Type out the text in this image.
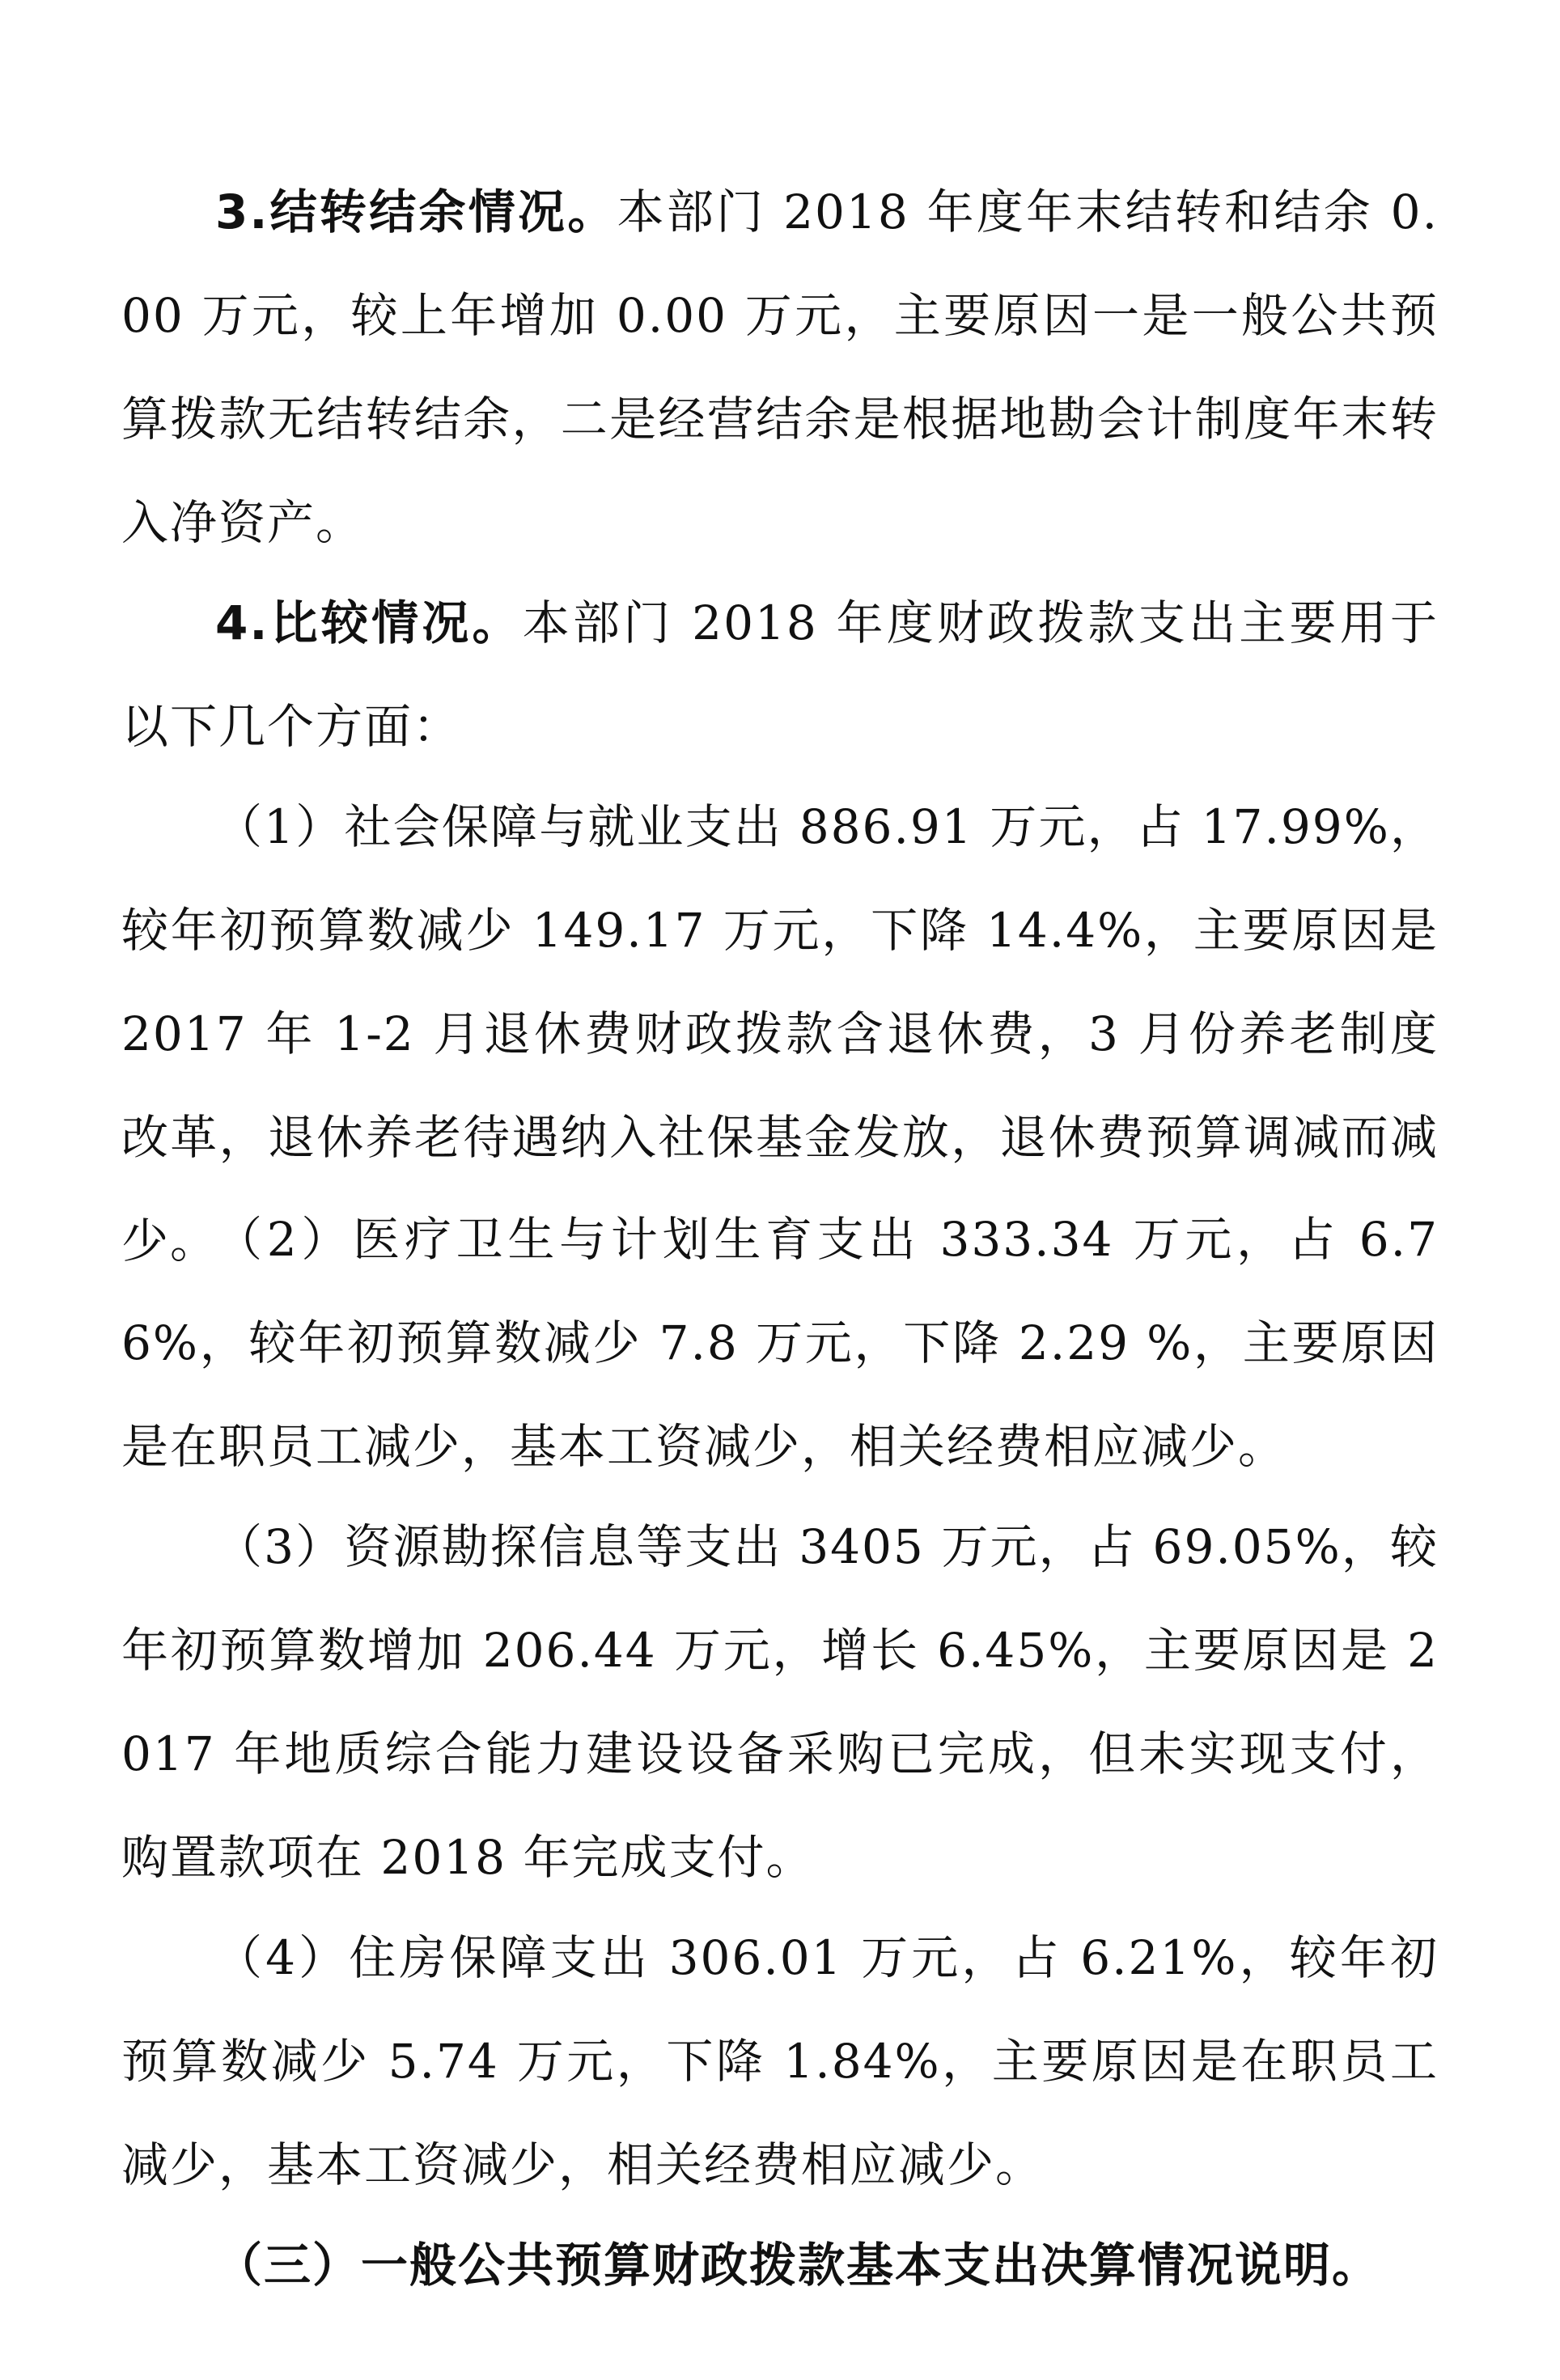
3.结转结余情况。本部门 2018 年度年末结转和结余 0.00 万元，较上年增加 0.00 万元，主要原因一是一般公共预算拨款无结转结余，二是经营结余是根据地勘会计制度年末转入净资产。

4.比较情况。本部门 2018 年度财政拨款支出主要用于以下几个方面：

（1）社会保障与就业支出 886.91 万元，占 17.99%，较年初预算数减少 149.17 万元，下降 14.4%，主要原因是 2017 年 1-2 月退休费财政拨款含退休费，3 月份养老制度改革，退休养老待遇纳入社保基金发放，退休费预算调减而减少。

（2）医疗卫生与计划生育支出 333.34 万元，占 6.76%，较年初预算数减少 7.8 万元，下降 2.29 %，主要原因是在职员工减少，基本工资减少，相关经费相应减少。

（3）资源勘探信息等支出 3405 万元，占 69.05%，较年初预算数增加 206.44 万元，增长 6.45%，主要原因是 2017 年地质综合能力建设设备采购已完成，但未实现支付，购置款项在 2018 年完成支付。

（4）住房保障支出 306.01 万元，占 6.21%，较年初预算数减少 5.74 万元，下降 1.84%，主要原因是在职员工减少，基本工资减少，相关经费相应减少。

（三）一般公共预算财政拨款基本支出决算情况说明。
